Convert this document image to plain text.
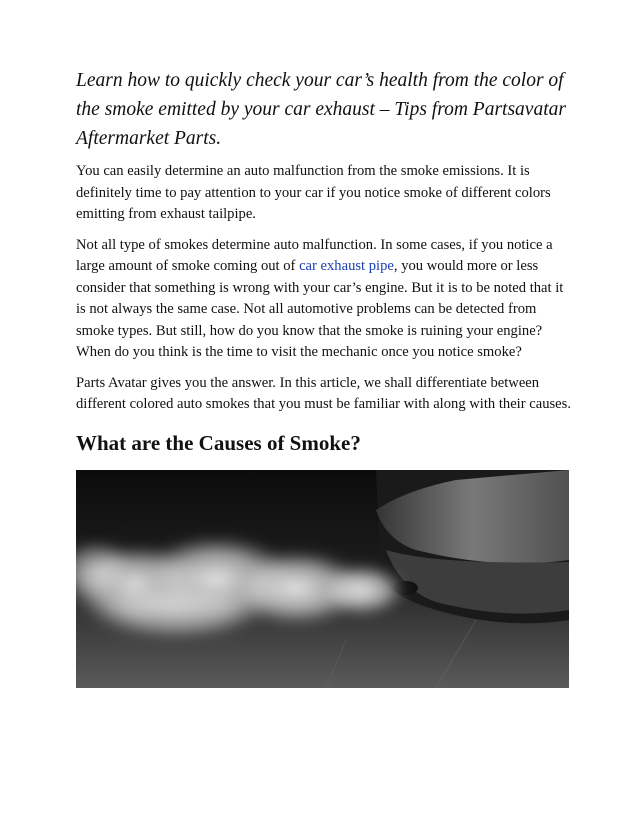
Learn how to quickly check your car’s health from the color of the smoke emitted by your car exhaust – Tips from Partsavatar Aftermarket Parts.

You can easily determine an auto malfunction from the smoke emissions. It is definitely time to pay attention to your car if you notice smoke of different colors emitting from exhaust tailpipe.

Not all type of smokes determine auto malfunction. In some cases, if you notice a large amount of smoke coming out of car exhaust pipe, you would more or less consider that something is wrong with your car’s engine. But it is to be noted that it is not always the same case. Not all automotive problems can be detected from smoke types. But still, how do you know that the smoke is ruining your engine? When do you think is the time to visit the mechanic once you notice smoke?

Parts Avatar gives you the answer. In this article, we shall differentiate between different colored auto smokes that you must be familiar with along with their causes.

What are the Causes of Smoke?
